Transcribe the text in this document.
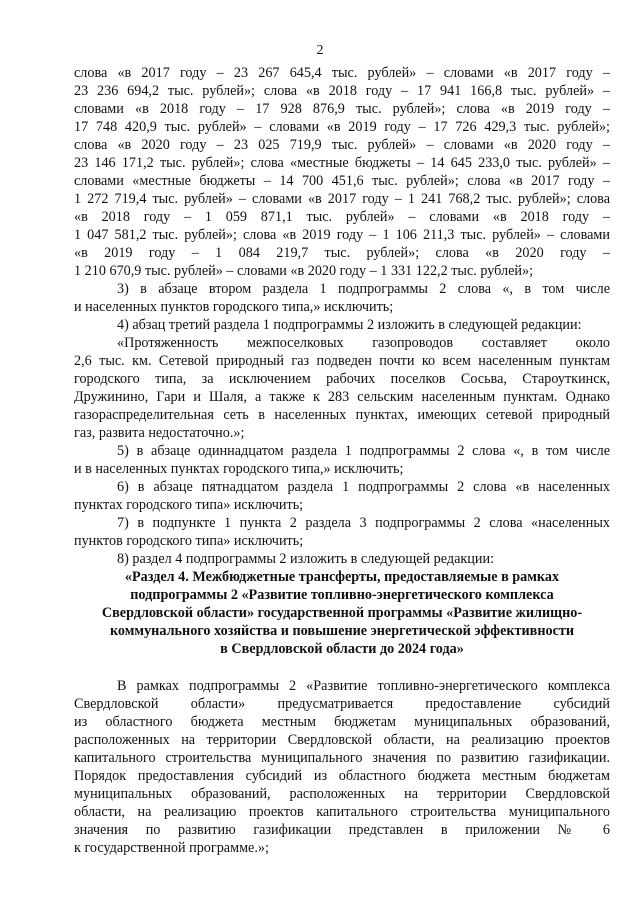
2
слова «в 2017 году – 23 267 645,4 тыс. рублей» – словами «в 2017 году –
23 236 694,2 тыс. рублей»; слова «в 2018 году – 17 941 166,8 тыс. рублей» –
словами «в 2018 году – 17 928 876,9 тыс. рублей»; слова «в 2019 году –
17 748 420,9 тыс. рублей» – словами «в 2019 году – 17 726 429,3 тыс. рублей»;
слова «в 2020 году – 23 025 719,9 тыс. рублей» – словами «в 2020 году –
23 146 171,2 тыс. рублей»; слова «местные бюджеты – 14 645 233,0 тыс. рублей» –
словами «местные бюджеты – 14 700 451,6 тыс. рублей»; слова «в 2017 году –
1 272 719,4 тыс. рублей» – словами «в 2017 году – 1 241 768,2 тыс. рублей»; слова
«в 2018 году – 1 059 871,1 тыс. рублей» – словами «в 2018 году –
1 047 581,2 тыс. рублей»; слова «в 2019 году – 1 106 211,3 тыс. рублей» – словами
«в 2019 году – 1 084 219,7 тыс. рублей»; слова «в 2020 году –
1 210 670,9 тыс. рублей» – словами «в 2020 году – 1 331 122,2 тыс. рублей»;
3) в абзаце втором раздела 1 подпрограммы 2 слова «, в том числе
и населенных пунктов городского типа,» исключить;
4) абзац третий раздела 1 подпрограммы 2 изложить в следующей редакции:
«Протяженность межпоселковых газопроводов составляет около
2,6 тыс. км. Сетевой природный газ подведен почти ко всем населенным пунктам
городского типа, за исключением рабочих поселков Сосьва, Староуткинск,
Дружинино, Гари и Шаля, а также к 283 сельским населенным пунктам. Однако
газораспределительная сеть в населенных пунктах, имеющих сетевой природный
газ, развита недостаточно.»;
5) в абзаце одиннадцатом раздела 1 подпрограммы 2 слова «, в том числе
и в населенных пунктах городского типа,» исключить;
6) в абзаце пятнадцатом раздела 1 подпрограммы 2 слова «в населенных
пунктах городского типа» исключить;
7) в подпункте 1 пункта 2 раздела 3 подпрограммы 2 слова «населенных
пунктов городского типа» исключить;
8) раздел 4 подпрограммы 2 изложить в следующей редакции:
«Раздел 4. Межбюджетные трансферты, предоставляемые в рамках
подпрограммы 2 «Развитие топливно-энергетического комплекса
Свердловской области» государственной программы «Развитие жилищно-
коммунального хозяйства и повышение энергетической эффективности
в Свердловской области до 2024 года»
В рамках подпрограммы 2 «Развитие топливно-энергетического комплекса
Свердловской области» предусматривается предоставление субсидий
из областного бюджета местным бюджетам муниципальных образований,
расположенных на территории Свердловской области, на реализацию проектов
капитального строительства муниципального значения по развитию газификации.
Порядок предоставления субсидий из областного бюджета местным бюджетам
муниципальных образований, расположенных на территории Свердловской
области, на реализацию проектов капитального строительства муниципального
значения по развитию газификации представлен в приложении № 6
к государственной программе.»;
